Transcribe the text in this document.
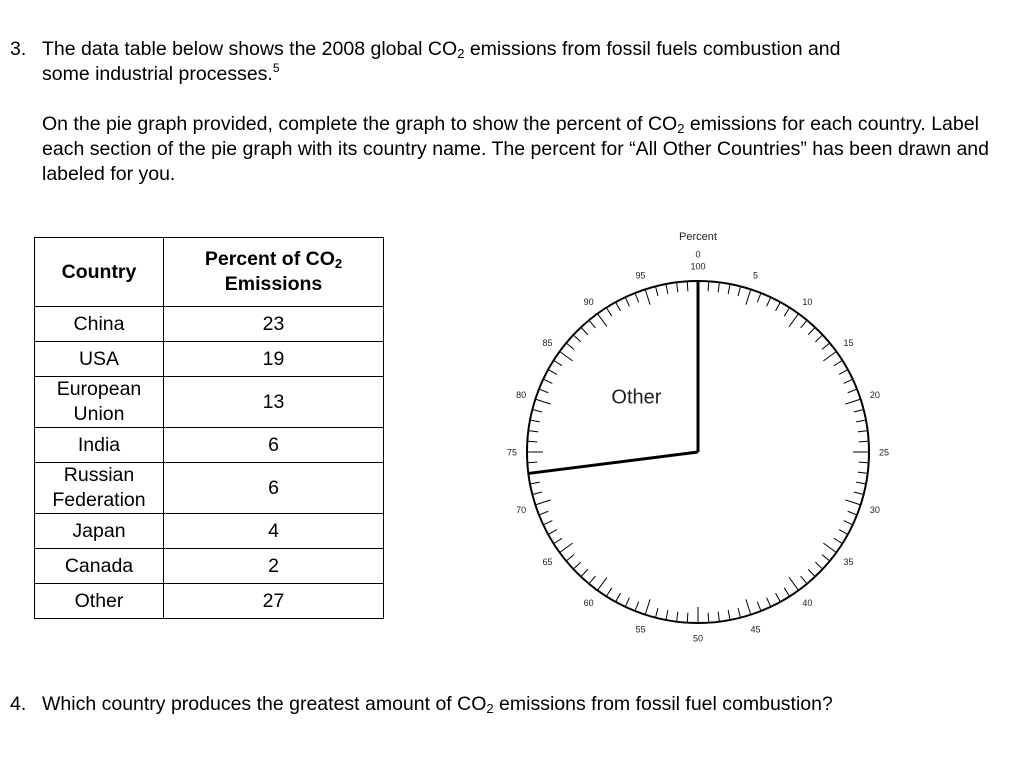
3. The data table below shows the 2008 global $CO_2$ emissions from fossil fuels combustion and
some industrial processes.$^5$
On the pie graph provided, complete the graph to show the percent of $CO_2$ emissions for each country. Label each section of the pie graph with its country name. The percent for “All Other Countries” has been drawn and labeled for you.
Country	Percent of $CO_2$
Emissions
China	23
USA	19
European
Union	13
India	6
Russian
Federation	6
Japan	4
Canada	2
Other	27
Percent
0
100
5
10
15
20
25
30
35
40
45
50
55
60
65
70
75
80
85
90
95
Other
4. Which country produces the greatest amount of $CO_2$ emissions from fossil fuel combustion?
